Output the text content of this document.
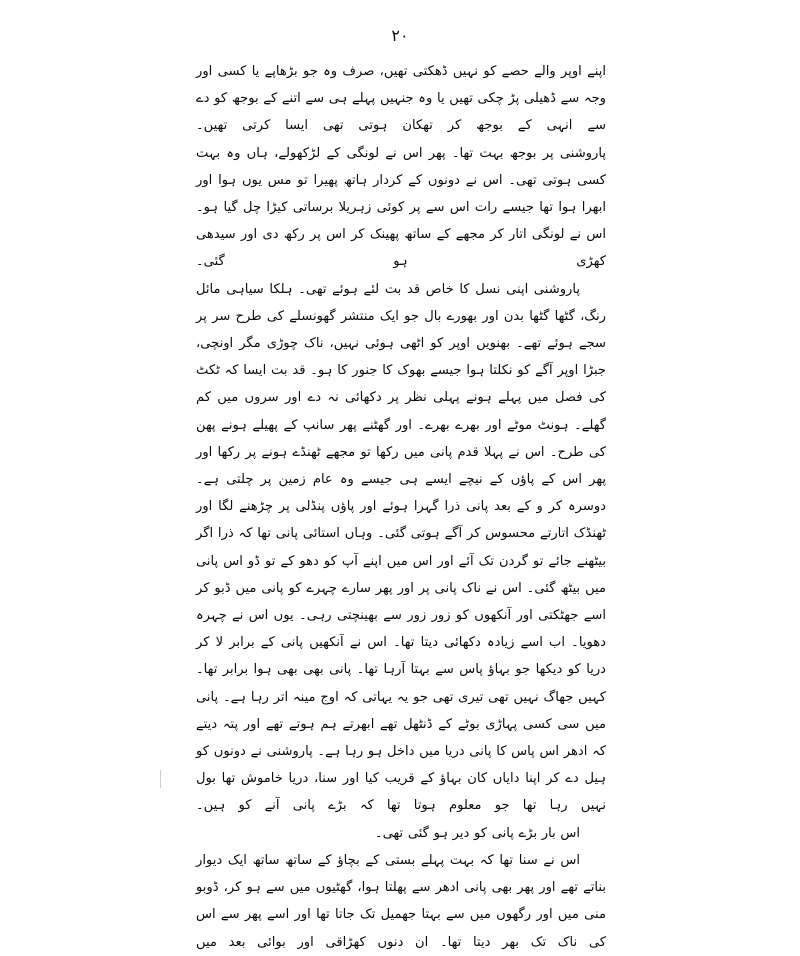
٢٠

اپنے اوپر والے حصے کو نہیں ڈھکتی تھیں، صرف وہ جو بڑھاپے یا کسی اور وجہ سے ڈھیلی پڑ چکی تھیں یا وہ جنہیں پہلے ہی سے اتنے کے بوجھ کو دے سے انہی کے بوجھ کر تھکان ہوتی تھی ایسا کرتی تھیں۔

پاروشنی پر بوجھ بہت تھا۔ پھر اس نے لونگی کے لڑکھولے، ہاں وہ بہت کسی ہوتی تھی۔ اس نے دونوں کے کردار ہاتھ پھیرا تو مس یوں ہوا اور ابھرا ہوا تھا جیسے رات اس سے پر کوئی زہریلا برساتی کیڑا چل گیا ہو۔ اس نے لونگی اتار کر مجھے کے ساتھ پھینک کر اس پر رکھ دی اور سیدھی کھڑی ہو گئی۔

پاروشنی اپنی نسل کا خاص قد بت لئے ہوئے تھی۔ ہلکا سیاہی مائل رنگ، گٹھا گٹھا بدن اور بھورے بال جو ایک منتشر گھونسلے کی طرح سر پر سجے ہوئے تھے۔ بھنویں اوپر کو اٹھی ہوئی نہیں، ناک چوڑی مگر اونچی، جبڑا اوپر آگے کو نکلتا ہوا جیسے بھوک کا جنور کا ہو۔ قد بت ایسا کہ ٹکٹ کی فصل میں پہلے ہونے پہلی نظر پر دکھائی نہ دے اور سروں میں کم گھلے۔ ہونٹ موٹے اور بھرے بھرے۔ اور گھٹنے پھر سانپ کے پھیلے ہونے پھن کی طرح۔ اس نے پہلا قدم پانی میں رکھا تو مجھے ٹھنڈے ہونے پر رکھا اور پھر اس کے پاؤں کے نیچے ایسے ہی جیسے وہ عام زمین پر چلتی ہے۔ دوسرہ کر و کے بعد پانی ذرا گہرا ہوئے اور پاؤں پنڈلی پر چڑھنے لگا اور ٹھنڈک اتارتے محسوس کر آگے ہوتی گئی۔ وہاں استائی پانی تھا کہ ذرا اگر بیٹھنے جائے تو گردن تک آئے اور اس میں اپنے آپ کو دھو کے تو ڈو اس پانی میں بیٹھ گئی۔ اس نے ناک پانی پر اور پھر سارے چہرے کو پانی میں ڈبو کر اسے جھٹکتی اور آنکھوں کو زور زور سے بھینچتی رہی۔ یوں اس نے چہرہ دھویا۔ اب اسے زیادہ دکھائی دیتا تھا۔ اس نے آنکھیں پانی کے برابر لا کر دریا کو دیکھا جو بہاؤ پاس سے بہتا آرہا تھا۔ پانی بھی بھی ہوا برابر تھا۔ کہیں جھاگ نہیں تھی تیری تھی جو یہ یہاتی کہ اوج مینہ اتر رہا ہے۔ پانی میں سی کسی پہاڑی بوٹے کے ڈنٹھل تھے ابھرتے ہم ہوتے تھے اور پتہ دیتے کہ ادھر اس پاس کا پانی دریا میں داخل ہو رہا ہے۔ پاروشنی نے دونوں کو ہیل دے کر اپنا دایاں کان بہاؤ کے قریب کیا اور سنا، دریا خاموش تھا بول نہیں رہا تھا جو معلوم ہوتا تھا کہ بڑے پانی آنے کو ہیں۔

اس بار بڑے پانی کو دیر ہو گئی تھی۔

اس نے سنا تھا کہ بہت پہلے بستی کے بچاؤ کے ساتھ ساتھ ایک دیوار بناتے تھے اور پھر بھی پانی ادھر سے پھلتا ہوا، گھٹیوں میں سے ہو کر، ڈوبو منی میں اور رگھوں میں سے بہتا جھمیل تک جاتا تھا اور اسے پھر سے اس کی ناک تک بھر دیتا تھا۔ ان دنوں کھڑاقی اور بوائی بعد میں
